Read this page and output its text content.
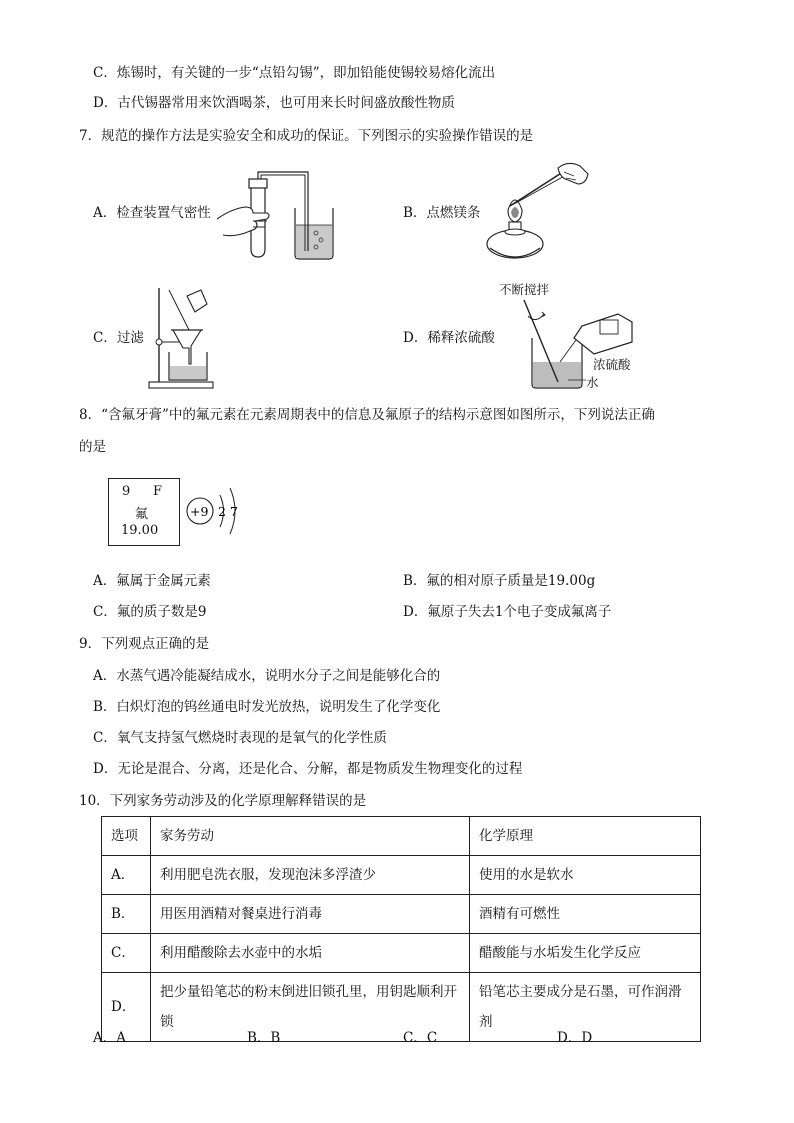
C．炼锡时，有关键的一步“点铅勾锡”，即加铅能使锡较易熔化流出
D．古代锡器常用来饮酒喝茶，也可用来长时间盛放酸性物质
7．规范的操作方法是实验安全和成功的保证。下列图示的实验操作错误的是
A．检查装置气密性	B．点燃镁条
C．过滤	D．稀释浓硫酸
不断搅拌
浓硫酸
水
8．“含氟牙膏”中的氟元素在元素周期表中的信息及氟原子的结构示意图如图所示，下列说法正确
的是
9 F
氟
19.00
+9 2 7
A．氟属于金属元素	B．氟的相对原子质量是19.00g
C．氟的质子数是9	D．氟原子失去1个电子变成氟离子
9．下列观点正确的是
A．水蒸气遇冷能凝结成水，说明水分子之间是能够化合的
B．白炽灯泡的钨丝通电时发光放热，说明发生了化学变化
C．氧气支持氢气燃烧时表现的是氧气的化学性质
D．无论是混合、分离，还是化合、分解，都是物质发生物理变化的过程
10．下列家务劳动涉及的化学原理解释错误的是
选项	家务劳动	化学原理
A．	利用肥皂洗衣服，发现泡沫多浮渣少	使用的水是软水
B．	用医用酒精对餐桌进行消毒	酒精有可燃性
C．	利用醋酸除去水壶中的水垢	醋酸能与水垢发生化学反应
D．	把少量铅笔芯的粉末倒进旧锁孔里，用钥匙顺利开锁	铅笔芯主要成分是石墨，可作润滑剂
A．A	B．B	C．C	D．D
